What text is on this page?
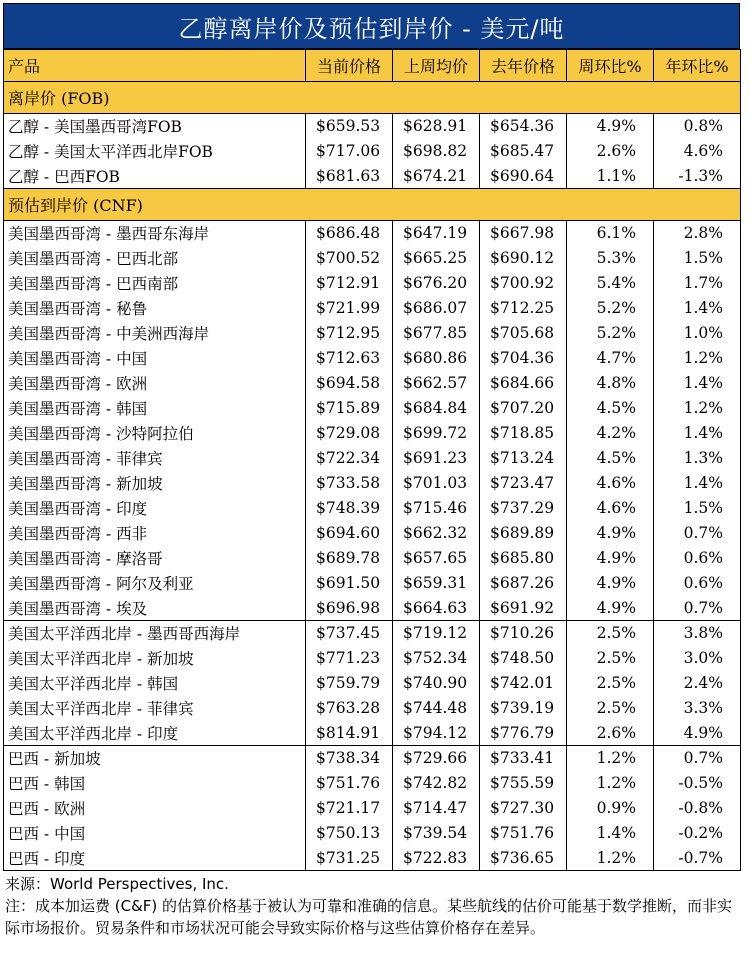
乙醇离岸价及预估到岸价 - 美元/吨
产品	当前价格	上周均价	去年价格	周环比%	年环比%
离岸价 (FOB)					
乙醇 - 美国墨西哥湾FOB	$659.53	$628.91	$654.36	4.9%	0.8%
乙醇 - 美国太平洋西北岸FOB	$717.06	$698.82	$685.47	2.6%	4.6%
乙醇 - 巴西FOB	$681.63	$674.21	$690.64	1.1%	-1.3%
预估到岸价 (CNF)					
美国墨西哥湾 - 墨西哥东海岸	$686.48	$647.19	$667.98	6.1%	2.8%
美国墨西哥湾 - 巴西北部	$700.52	$665.25	$690.12	5.3%	1.5%
美国墨西哥湾 - 巴西南部	$712.91	$676.20	$700.92	5.4%	1.7%
美国墨西哥湾 - 秘鲁	$721.99	$686.07	$712.25	5.2%	1.4%
美国墨西哥湾 - 中美洲西海岸	$712.95	$677.85	$705.68	5.2%	1.0%
美国墨西哥湾 - 中国	$712.63	$680.86	$704.36	4.7%	1.2%
美国墨西哥湾 - 欧洲	$694.58	$662.57	$684.66	4.8%	1.4%
美国墨西哥湾 - 韩国	$715.89	$684.84	$707.20	4.5%	1.2%
美国墨西哥湾 - 沙特阿拉伯	$729.08	$699.72	$718.85	4.2%	1.4%
美国墨西哥湾 - 菲律宾	$722.34	$691.23	$713.24	4.5%	1.3%
美国墨西哥湾 - 新加坡	$733.58	$701.03	$723.47	4.6%	1.4%
美国墨西哥湾 - 印度	$748.39	$715.46	$737.29	4.6%	1.5%
美国墨西哥湾 - 西非	$694.60	$662.32	$689.89	4.9%	0.7%
美国墨西哥湾 - 摩洛哥	$689.78	$657.65	$685.80	4.9%	0.6%
美国墨西哥湾 - 阿尔及利亚	$691.50	$659.31	$687.26	4.9%	0.6%
美国墨西哥湾 - 埃及	$696.98	$664.63	$691.92	4.9%	0.7%
美国太平洋西北岸 - 墨西哥西海岸	$737.45	$719.12	$710.26	2.5%	3.8%
美国太平洋西北岸 - 新加坡	$771.23	$752.34	$748.50	2.5%	3.0%
美国太平洋西北岸 - 韩国	$759.79	$740.90	$742.01	2.5%	2.4%
美国太平洋西北岸 - 菲律宾	$763.28	$744.48	$739.19	2.5%	3.3%
美国太平洋西北岸 - 印度	$814.91	$794.12	$776.79	2.6%	4.9%
巴西 - 新加坡	$738.34	$729.66	$733.41	1.2%	0.7%
巴西 - 韩国	$751.76	$742.82	$755.59	1.2%	-0.5%
巴西 - 欧洲	$721.17	$714.47	$727.30	0.9%	-0.8%
巴西 - 中国	$750.13	$739.54	$751.76	1.4%	-0.2%
巴西 - 印度	$731.25	$722.83	$736.65	1.2%	-0.7%
来源：World Perspectives, Inc.
注：成本加运费 (C&F) 的估算价格基于被认为可靠和准确的信息。某些航线的估价可能基于数学推断，而非实际市场报价。贸易条件和市场状况可能会导致实际价格与这些估算价格存在差异。
